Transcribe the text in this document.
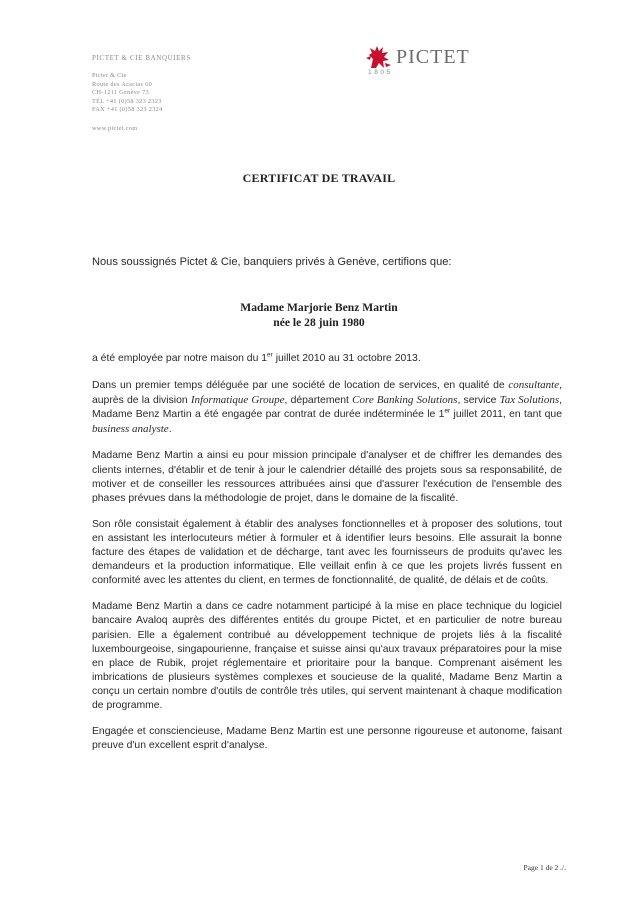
PICTET & CIE BANQUIERS
Pictet & Cie
Route des Acacias 60
CH-1211 Genève 73
TÉL +41 (0)58 323 2323
FAX +41 (0)58 323 2324
www.pictet.com
PICTET
1805
CERTIFICAT DE TRAVAIL
Nous soussignés Pictet & Cie, banquiers privés à Genève, certifions que:
Madame Marjorie Benz Martin
née le 28 juin 1980

a été employée par notre maison du 1er juillet 2010 au 31 octobre 2013.

Dans un premier temps déléguée par une société de location de services, en qualité de consultante, auprès de la division Informatique Groupe, département Core Banking Solutions, service Tax Solutions, Madame Benz Martin a été engagée par contrat de durée indéterminée le 1er juillet 2011, en tant que business analyste.

Madame Benz Martin a ainsi eu pour mission principale d'analyser et de chiffrer les demandes des clients internes, d'établir et de tenir à jour le calendrier détaillé des projets sous sa responsabilité, de motiver et de conseiller les ressources attribuées ainsi que d'assurer l'exécution de l'ensemble des phases prévues dans la méthodologie de projet, dans le domaine de la fiscalité.

Son rôle consistait également à établir des analyses fonctionnelles et à proposer des solutions, tout en assistant les interlocuteurs métier à formuler et à identifier leurs besoins. Elle assurait la bonne facture des étapes de validation et de décharge, tant avec les fournisseurs de produits qu'avec les demandeurs et la production informatique. Elle veillait enfin à ce que les projets livrés fussent en conformité avec les attentes du client, en termes de fonctionnalité, de qualité, de délais et de coûts.

Madame Benz Martin a dans ce cadre notamment participé à la mise en place technique du logiciel bancaire Avaloq auprès des différentes entités du groupe Pictet, et en particulier de notre bureau parisien. Elle a également contribué au développement technique de projets liés à la fiscalité luxembourgeoise, singapourienne, française et suisse ainsi qu'aux travaux préparatoires pour la mise en place de Rubik, projet réglementaire et prioritaire pour la banque. Comprenant aisément les imbrications de plusieurs systèmes complexes et soucieuse de la qualité, Madame Benz Martin a conçu un certain nombre d'outils de contrôle très utiles, qui servent maintenant à chaque modification de programme.

Engagée et consciencieuse, Madame Benz Martin est une personne rigoureuse et autonome, faisant preuve d'un excellent esprit d'analyse.

Page 1 de 2 ./.
